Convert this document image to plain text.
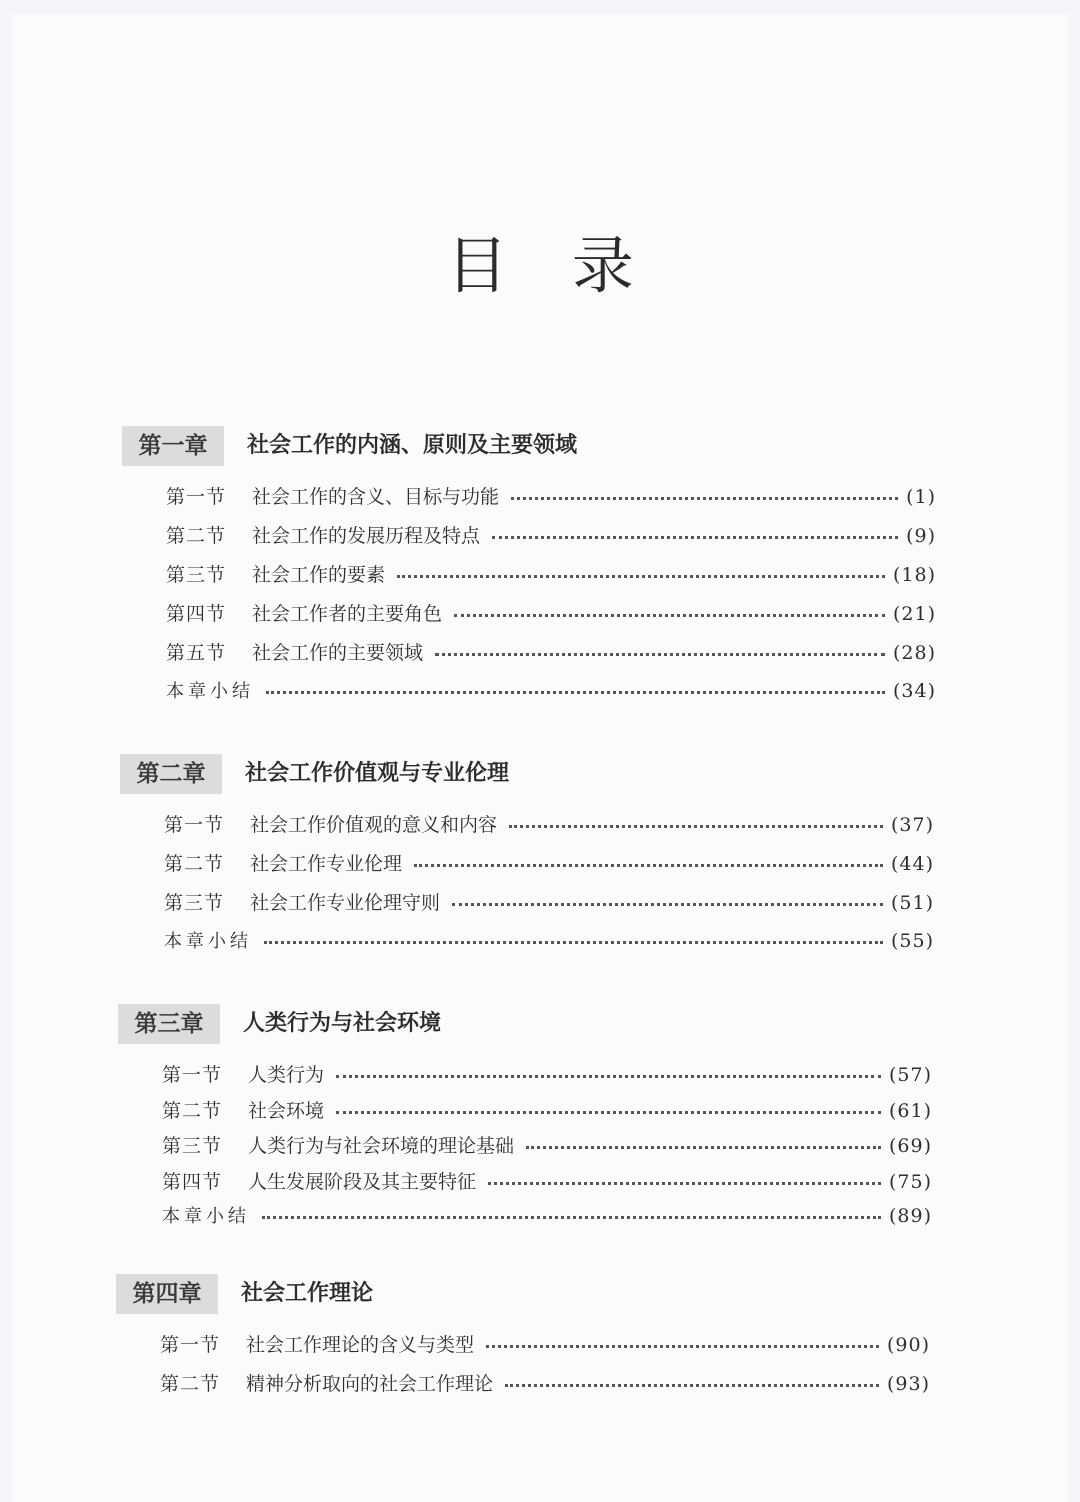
目 录
第一章	社会工作的内涵、原则及主要领域
第一节	社会工作的含义、目标与功能	(1)
第二节	社会工作的发展历程及特点	(9)
第三节	社会工作的要素	(18)
第四节	社会工作者的主要角色	(21)
第五节	社会工作的主要领域	(28)
本章小结	(34)
第二章	社会工作价值观与专业伦理
第一节	社会工作价值观的意义和内容	(37)
第二节	社会工作专业伦理	(44)
第三节	社会工作专业伦理守则	(51)
本章小结	(55)
第三章	人类行为与社会环境
第一节	人类行为	(57)
第二节	社会环境	(61)
第三节	人类行为与社会环境的理论基础	(69)
第四节	人生发展阶段及其主要特征	(75)
本章小结	(89)
第四章	社会工作理论
第一节	社会工作理论的含义与类型	(90)
第二节	精神分析取向的社会工作理论	(93)
